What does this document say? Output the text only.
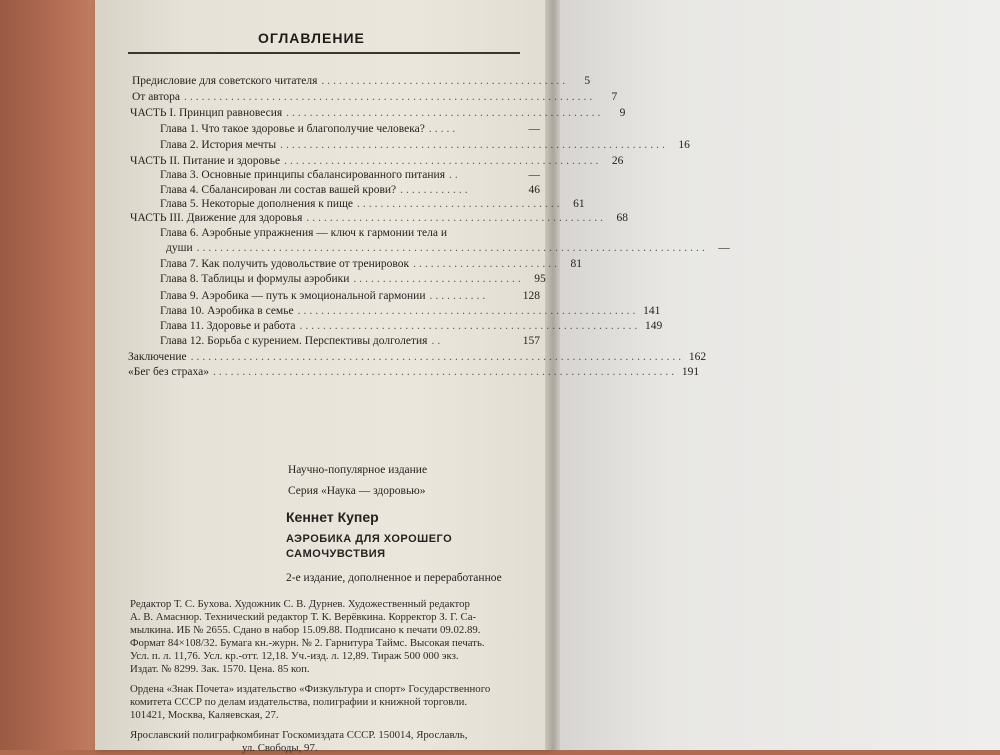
ОГЛАВЛЕНИЕ
Предисловие для советского читателя ..........................................	5
От автора ......................................................................	7
ЧАСТЬ I. Принцип равновесия ......................................................	9
Глава 1. Что такое здоровье и благополучие человека? .....	—
Глава 2. История мечты .................................................................. 16
ЧАСТЬ II. Питание и здоровье ...................................................... 26
Глава 3. Основные принципы сбалансированного питания ..	—
Глава 4. Сбалансирован ли состав вашей крови? ............	46
Глава 5. Некоторые дополнения к пище ................................... 61
ЧАСТЬ III. Движение для здоровья ................................................... 68
Глава 6. Аэробные упражнения — ключ к гармонии тела и
души ....................................................................................... —
Глава 7. Как получить удовольствие от тренировок ......................... 81
Глава 8. Таблицы и формулы аэробики ............................. 95
Глава 9. Аэробика — путь к эмоциональной гармонии ..........	128
Глава 10. Аэробика в семье .......................................................... 141
Глава 11. Здоровье и работа .......................................................... 149
Глава 12. Борьба с курением. Перспективы долголетия ..	157
Заключение .................................................................................... 162
«Бег без страха» ............................................................................... 191
Научно-популярное издание
Серия «Наука — здоровью»
Кеннет Купер
АЭРОБИКА ДЛЯ ХОРОШЕГО
САМОЧУВСТВИЯ
2-е издание, дополненное и переработанное
Редактор Т. С. Бухова. Художник С. В. Дурнев. Художественный редактор
А. В. Амаснюр. Технический редактор Т. К. Верёвкина. Корректор З. Г. Са-
мылкина. ИБ № 2655. Сдано в набор 15.09.88. Подписано к печати 09.02.89.
Формат 84×108/32. Бумага кн.-журн. № 2. Гарнитура Таймс. Высокая печать.
Усл. п. л. 11,76. Усл. кр.-отт. 12,18. Уч.-изд. л. 12,89. Тираж 500 000 экз.
Издат. № 8299. Зак. 1570. Цена. 85 коп.
Ордена «Знак Почета» издательство «Физкультура и спорт» Государственного
комитета СССР по делам издательства, полиграфии и книжной торговли.
101421, Москва, Каляевская, 27.
Ярославский полиграфкомбинат Госкомиздата СССР. 150014, Ярославль,
ул. Свободы, 97.
